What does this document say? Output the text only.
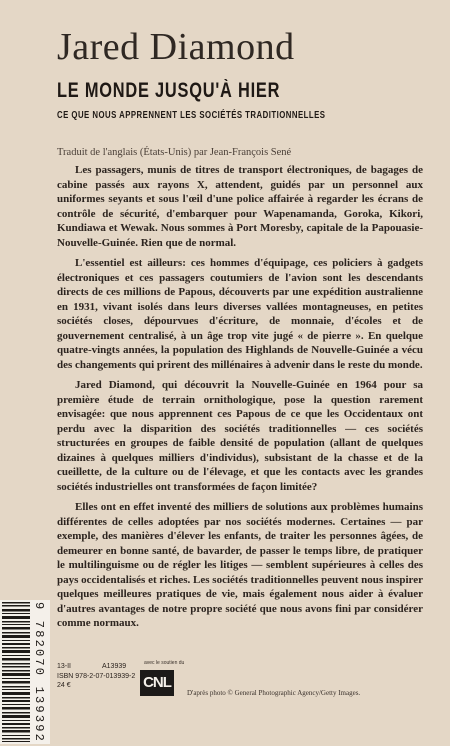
Jared Diamond
LE MONDE JUSQU'À HIER
CE QUE NOUS APPRENNENT LES SOCIÉTÉS TRADITIONNELLES
Traduit de l'anglais (États-Unis) par Jean-François Sené

Les passagers, munis de titres de transport électroniques, de bagages de cabine passés aux rayons X, attendent, guidés par un personnel aux uniformes seyants et sous l'œil d'une police affairée à regarder les écrans de contrôle de sécurité, d'embarquer pour Wapenamanda, Goroka, Kikori, Kundiawa et Wewak. Nous sommes à Port Moresby, capitale de la Papouasie-Nouvelle-Guinée. Rien que de normal.

L'essentiel est ailleurs: ces hommes d'équipage, ces policiers à gadgets électroniques et ces passagers coutumiers de l'avion sont les descendants directs de ces millions de Papous, découverts par une expédition australienne en 1931, vivant isolés dans leurs diverses vallées montagneuses, en petites sociétés closes, dépourvues d'écriture, de monnaie, d'écoles et de gouvernement centralisé, à un âge trop vite jugé « de pierre ». En quelque quatre-vingts années, la population des Highlands de Nouvelle-Guinée a vécu des changements qui prirent des millénaires à advenir dans le reste du monde.

Jared Diamond, qui découvrit la Nouvelle-Guinée en 1964 pour sa première étude de terrain ornithologique, pose la question rarement envisagée: que nous apprennent ces Papous de ce que les Occidentaux ont perdu avec la disparition des sociétés traditionnelles — ces sociétés structurées en groupes de faible densité de population (allant de quelques dizaines à quelques milliers d'individus), subsistant de la chasse et de la cueillette, de la culture ou de l'élevage, et que les contacts avec les grandes sociétés industrielles ont transformées de façon limitée?

Elles ont en effet inventé des milliers de solutions aux problèmes humains différentes de celles adoptées par nos sociétés modernes. Certaines — par exemple, des manières d'élever les enfants, de traiter les personnes âgées, de demeurer en bonne santé, de bavarder, de passer le temps libre, de pratiquer le multilinguisme ou de régler les litiges — semblent supérieures à celles des pays occidentalisés et riches. Les sociétés traditionnelles peuvent nous inspirer quelques meilleures pratiques de vie, mais également nous aider à évaluer d'autres avantages de notre propre société que nous avons fini par considérer comme normaux.

9 782070 139392 13-II	A13939
ISBN 978-2-07-013939-2
24 €
avec le soutien du
CNL
D'après photo © General Photographic Agency/Getty Images.
